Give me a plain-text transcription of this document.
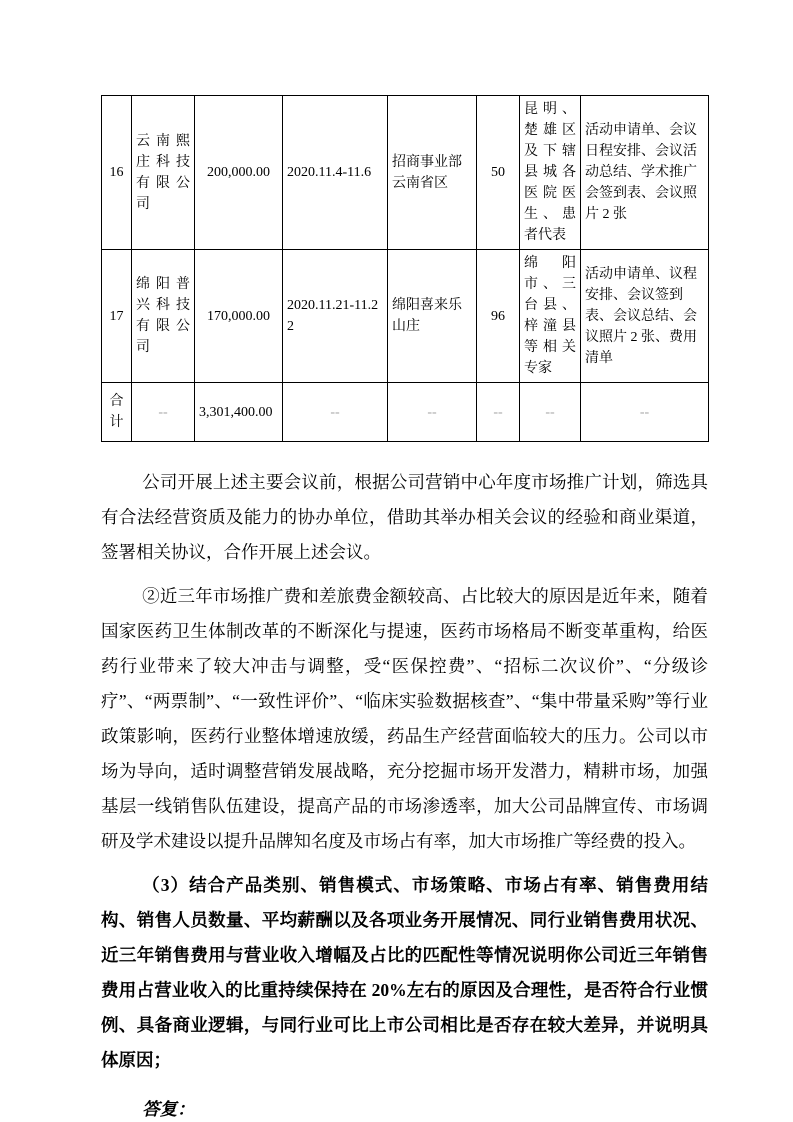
16	云南熙庄科技有限公司	200,000.00	2020.11.4-11.6	招商事业部云南省区	50	昆明、楚雄区及下辖县城各医院医生、患者代表	活动申请单、会议日程安排、会议活动总结、学术推广会签到表、会议照片 2 张
17	绵阳普兴科技有限公司	170,000.00	2020.11.21-11.22	绵阳喜来乐山庄	96	绵阳市、三台县、梓潼县等相关专家	活动申请单、议程安排、会议签到表、会议总结、会议照片 2 张、费用清单
合计	--	3,301,400.00	--	--	--	--	--

公司开展上述主要会议前，根据公司营销中心年度市场推广计划，筛选具有合法经营资质及能力的协办单位，借助其举办相关会议的经验和商业渠道，签署相关协议，合作开展上述会议。

②近三年市场推广费和差旅费金额较高、占比较大的原因是近年来，随着国家医药卫生体制改革的不断深化与提速，医药市场格局不断变革重构，给医药行业带来了较大冲击与调整，受“医保控费”、“招标二次议价”、“分级诊疗”、“两票制”、“一致性评价”、“临床实验数据核查”、“集中带量采购”等行业政策影响，医药行业整体增速放缓，药品生产经营面临较大的压力。公司以市场为导向，适时调整营销发展战略，充分挖掘市场开发潜力，精耕市场，加强基层一线销售队伍建设，提高产品的市场渗透率，加大公司品牌宣传、市场调研及学术建设以提升品牌知名度及市场占有率，加大市场推广等经费的投入。

（3）结合产品类别、销售模式、市场策略、市场占有率、销售费用结构、销售人员数量、平均薪酬以及各项业务开展情况、同行业销售费用状况、近三年销售费用与营业收入增幅及占比的匹配性等情况说明你公司近三年销售费用占营业收入的比重持续保持在 20%左右的原因及合理性，是否符合行业惯例、具备商业逻辑，与同行业可比上市公司相比是否存在较大差异，并说明具体原因；

答复：
